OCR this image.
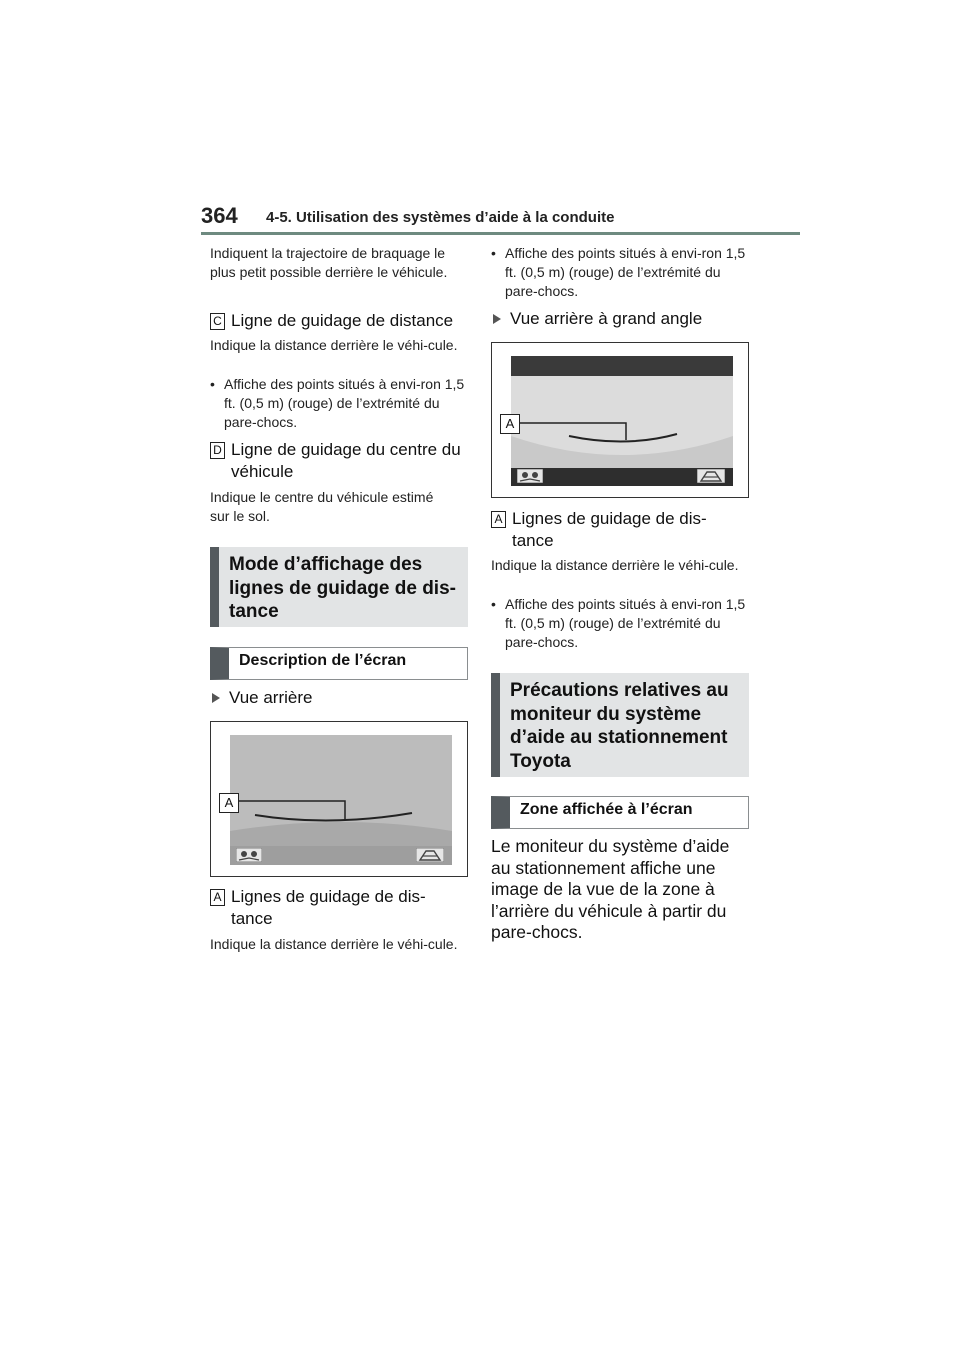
364 4-5. Utilisation des systèmes d’aide à la conduite
Indiquent la trajectoire de braquage le plus petit possible derrière le véhicule.
C Ligne de guidage de distance
Indique la distance derrière le véhi-cule.
• Affiche des points situés à envi-ron 1,5 ft. (0,5 m) (rouge) de l’extrémité du pare-chocs.
D Ligne de guidage du centre du véhicule
Indique le centre du véhicule estimé sur le sol.
Mode d’affichage des lignes de guidage de dis-tance
Description de l’écran
Vue arrière
A
A Lignes de guidage de dis-tance
Indique la distance derrière le véhi-cule.
• Affiche des points situés à envi-ron 1,5 ft. (0,5 m) (rouge) de l’extrémité du pare-chocs.
Vue arrière à grand angle
A
A Lignes de guidage de dis-tance
Indique la distance derrière le véhi-cule.
• Affiche des points situés à envi-ron 1,5 ft. (0,5 m) (rouge) de l’extrémité du pare-chocs.
Précautions relatives au moniteur du système d’aide au stationnement Toyota
Zone affichée à l’écran
Le moniteur du système d’aide au stationnement affiche une image de la vue de la zone à l’arrière du véhicule à partir du pare-chocs.
